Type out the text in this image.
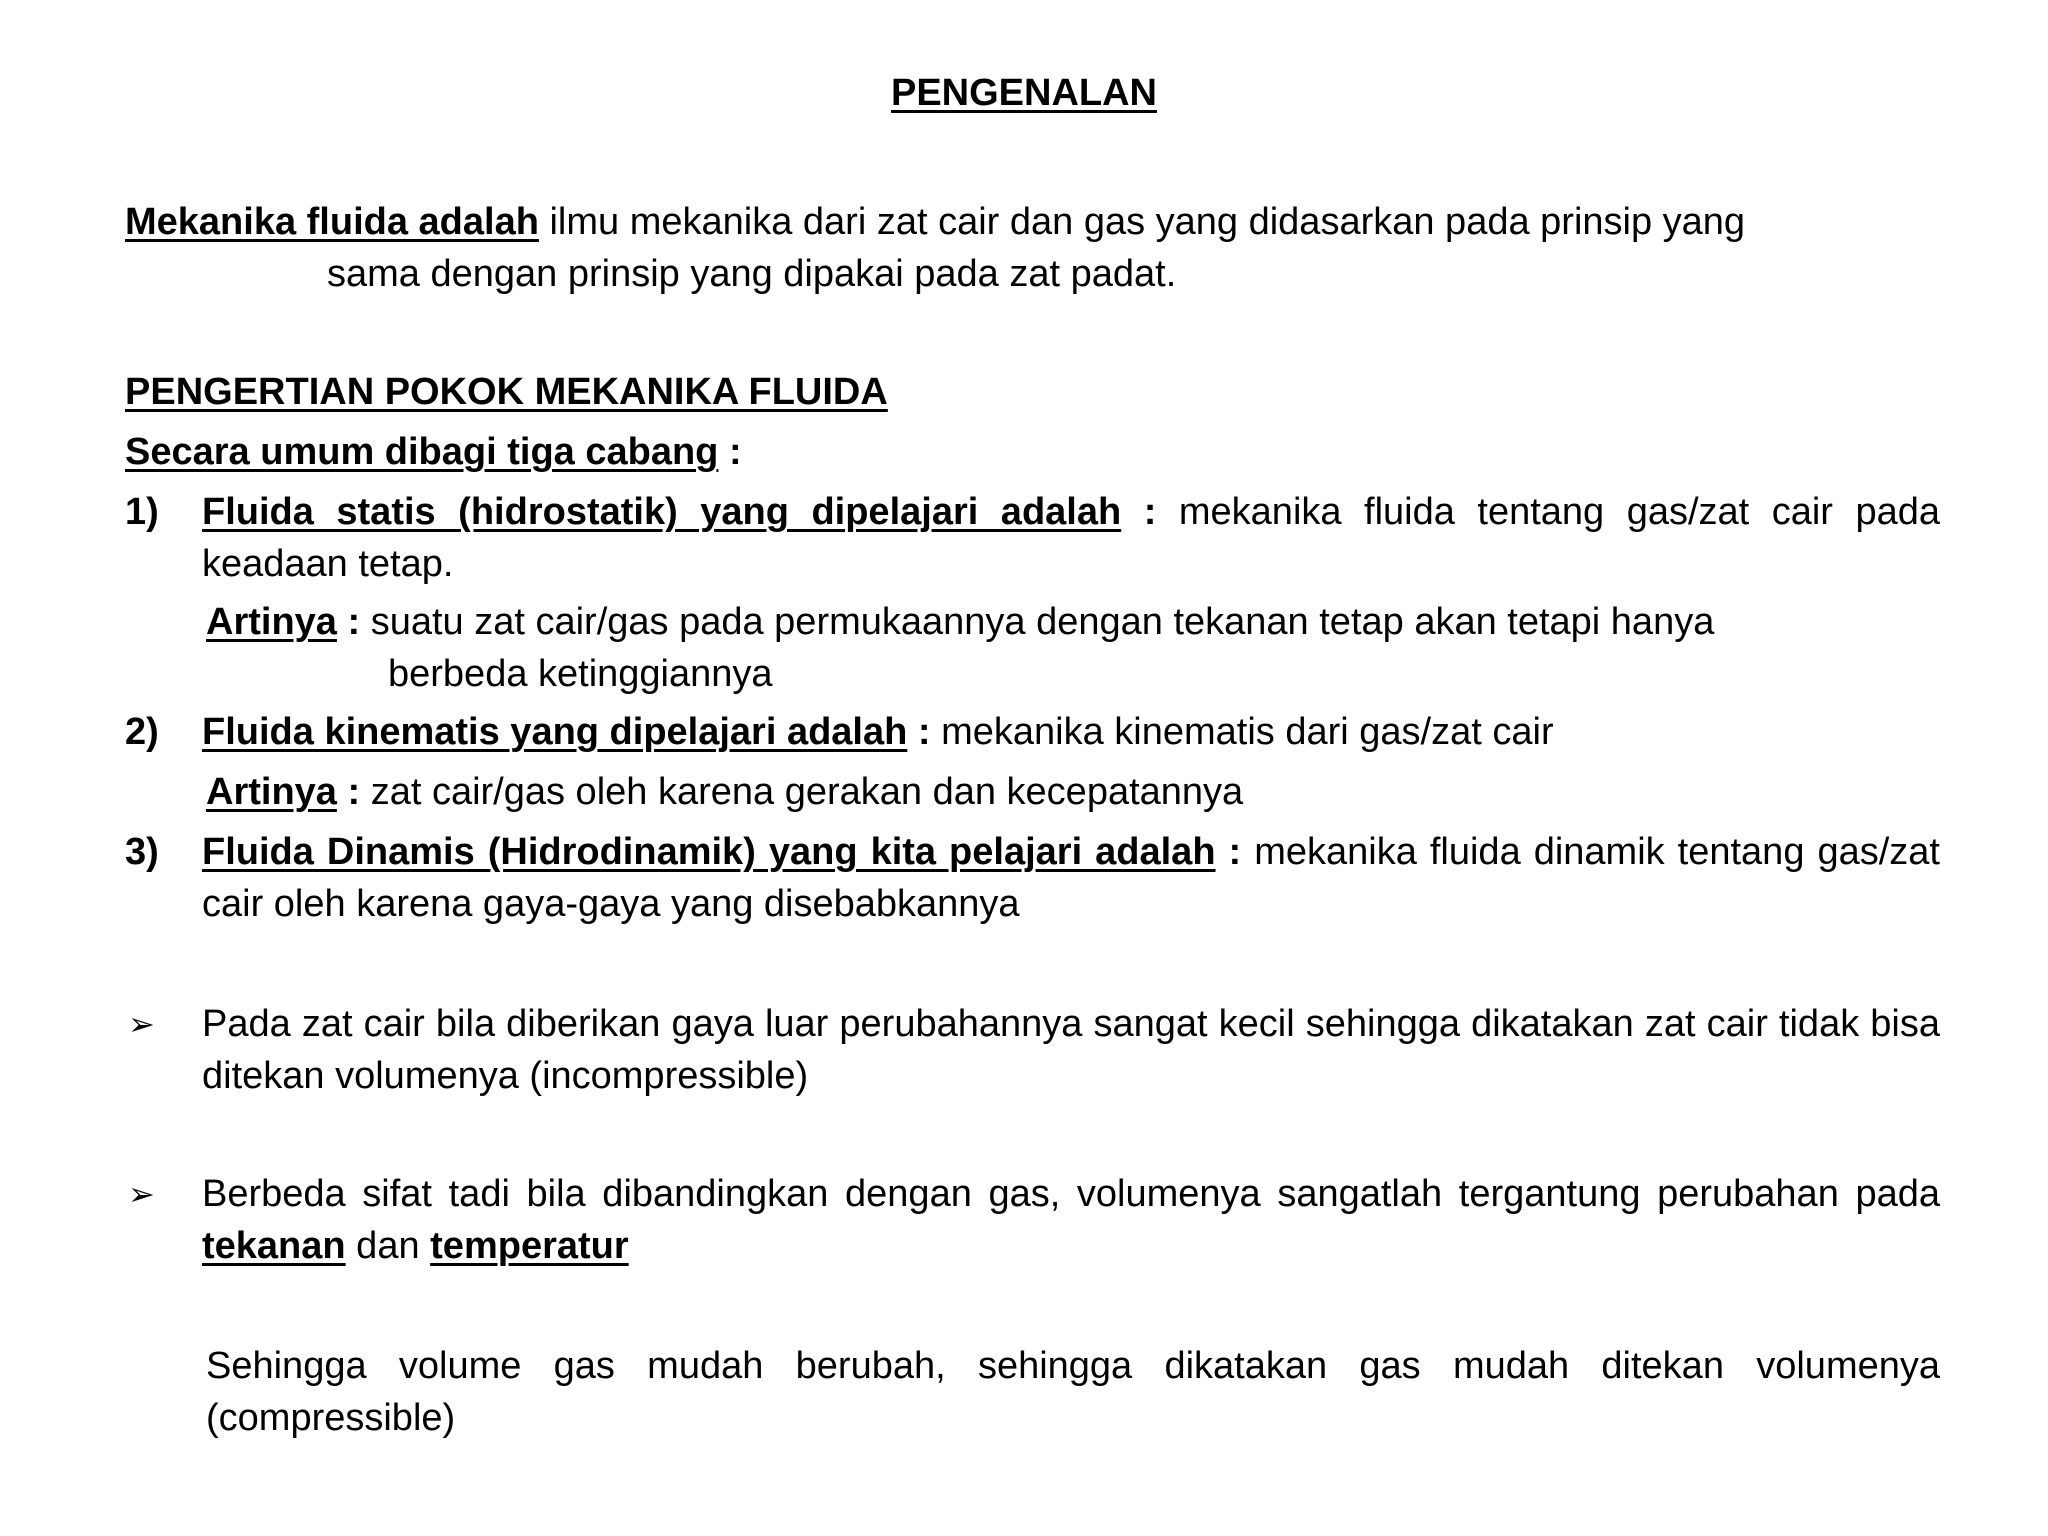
PENGENALAN
Mekanika fluida adalah ilmu mekanika dari zat cair dan gas yang didasarkan pada prinsip yang
sama dengan prinsip yang dipakai pada zat padat.
PENGERTIAN POKOK MEKANIKA FLUIDA
Secara umum dibagi tiga cabang :
1) Fluida statis (hidrostatik) yang dipelajari adalah : mekanika fluida tentang gas/zat cair pada keadaan tetap.
Artinya : suatu zat cair/gas pada permukaannya dengan tekanan tetap akan tetapi hanya
berbeda ketinggiannya
2) Fluida kinematis yang dipelajari adalah : mekanika kinematis dari gas/zat cair
Artinya : zat cair/gas oleh karena gerakan dan kecepatannya
3) Fluida Dinamis (Hidrodinamik) yang kita pelajari adalah : mekanika fluida dinamik tentang gas/zat cair oleh karena gaya-gaya yang disebabkannya
➢ Pada zat cair bila diberikan gaya luar perubahannya sangat kecil sehingga dikatakan zat cair tidak bisa ditekan volumenya (incompressible)
➢ Berbeda sifat tadi bila dibandingkan dengan gas, volumenya sangatlah tergantung perubahan pada tekanan dan temperatur
Sehingga volume gas mudah berubah, sehingga dikatakan gas mudah ditekan volumenya (compressible)
